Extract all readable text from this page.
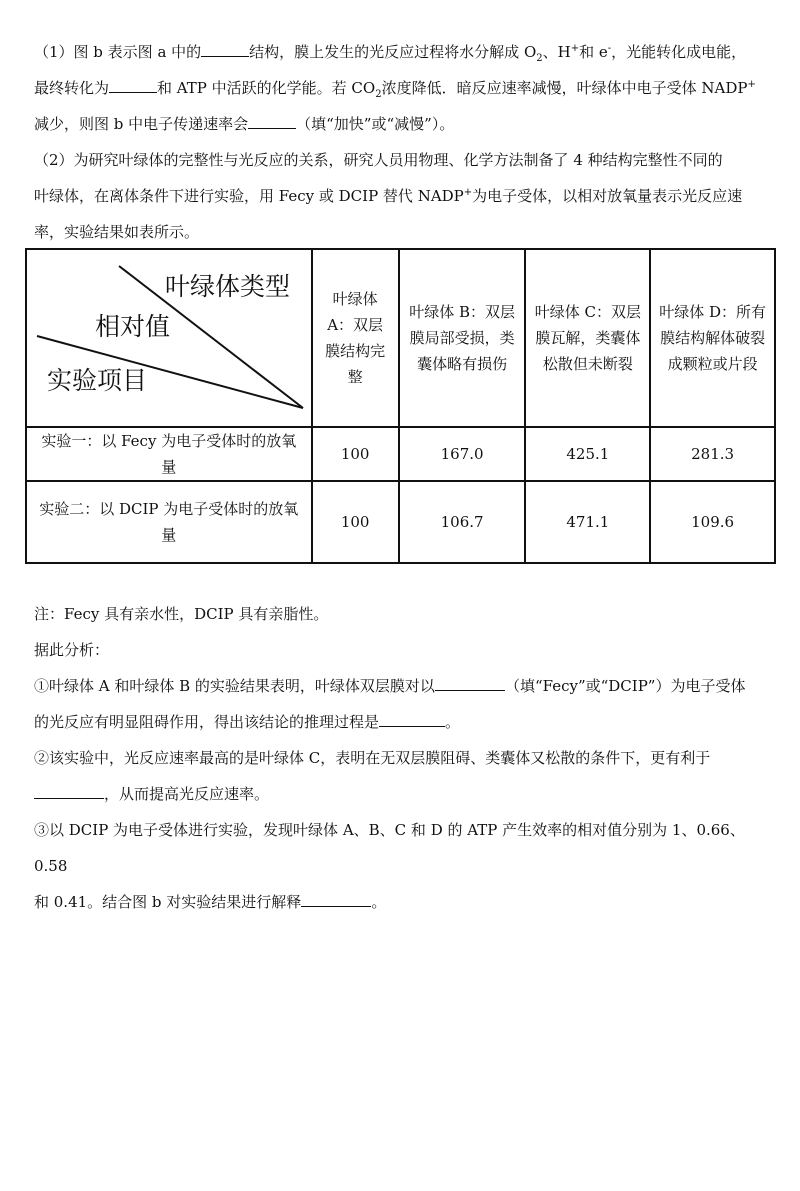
（1）图 b 表示图 a 中的	结构，膜上发生的光反应过程将水分解成 $O_2$、H+和 e-，光能转化成电能，

最终转化为	和 ATP 中活跃的化学能。若 $CO_2$浓度降低．暗反应速率减慢，叶绿体中电子受体 NADP+

减少，则图 b 中电子传递速率会	（填“加快”或“减慢”）。

（2）为研究叶绿体的完整性与光反应的关系，研究人员用物理、化学方法制备了 4 种结构完整性不同的

叶绿体，在离体条件下进行实验，用 Fecy 或 DCIP 替代 NADP+为电子受体，以相对放氧量表示光反应速

率，实验结果如表所示。

叶绿体类型
相对值
实验项目	叶绿体A：双层膜结构完整	叶绿体 B：双层膜局部受损，类囊体略有损伤	叶绿体 C：双层膜瓦解，类囊体松散但未断裂	叶绿体 D：所有膜结构解体破裂成颗粒或片段
实验一：以 Fecy 为电子受体时的放氧量	100	167.0	425.1	281.3
实验二：以 DCIP 为电子受体时的放氧量	100	106.7	471.1	109.6

注：Fecy 具有亲水性，DCIP 具有亲脂性。

据此分析：

①叶绿体 A 和叶绿体 B 的实验结果表明，叶绿体双层膜对以	（填“Fecy”或“DCIP”）为电子受体

的光反应有明显阻碍作用，得出该结论的推理过程是	。

②该实验中，光反应速率最高的是叶绿体 C，表明在无双层膜阻碍、类囊体又松散的条件下，更有利于

，从而提高光反应速率。

③以 DCIP 为电子受体进行实验，发现叶绿体 A、B、C 和 D 的 ATP 产生效率的相对值分别为 1、0.66、0.58

和 0.41。结合图 b 对实验结果进行解释	。
